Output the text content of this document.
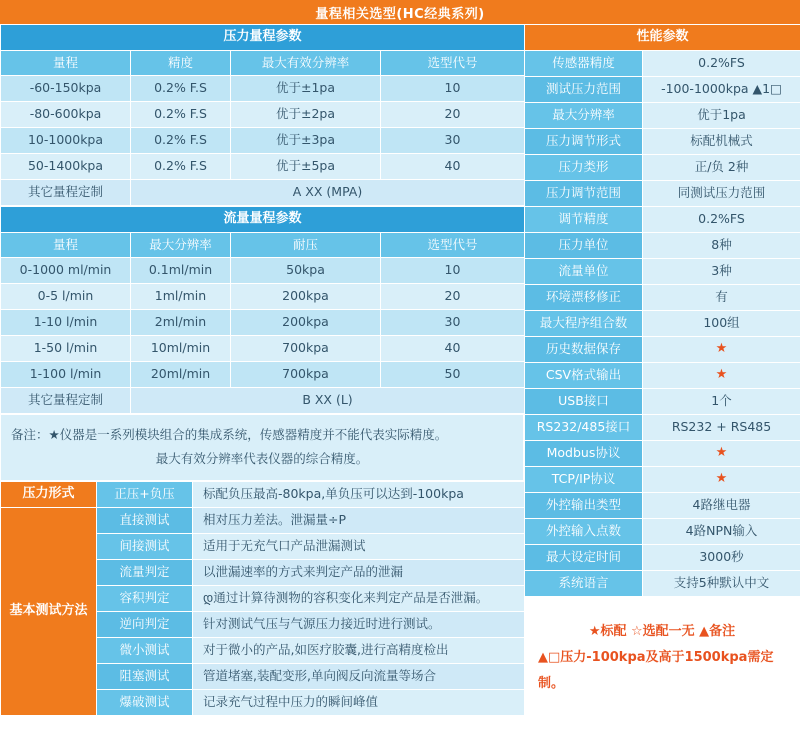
量程相关选型(HC经典系列)
压力量程参数			
量程	精度	最大有效分辨率	选型代号
-60-150kpa	0.2% F.S	优于±1pa	10
-80-600kpa	0.2% F.S	优于±2pa	20
10-1000kpa	0.2% F.S	优于±3pa	30
50-1400kpa	0.2% F.S	优于±5pa	40
其它量程定制	A XX (MPA)		
流量量程参数			
量程	最大分辨率	耐压	选型代号
0-1000 ml/min	0.1ml/min	50kpa	10
0-5 l/min	1ml/min	200kpa	20
1-10 l/min	2ml/min	200kpa	30
1-50 l/min	10ml/min	700kpa	40
1-100 l/min	20ml/min	700kpa	50
其它量程定制	B XX (L)		
备注：★仪器是一系列模块组合的集成系统，传感器精度并不能代表实际精度。
最大有效分辨率代表仪器的综合精度。
压力形式	正压+负压	标配负压最高-80kpa,单负压可以达到-100kpa
基本测试方法	直接测试	相对压力差法。泄漏量÷P
	间接测试	适用于无充气口产品泄漏测试
	流量判定	以泄漏速率的方式来判定产品的泄漏
	容积判定	დ通过计算待测物的容积变化来判定产品是否泄漏。
	逆向判定	针对测试气压与气源压力接近时进行测试。
	微小测试	对于微小的产品,如医疗胶囊,进行高精度检出
	阻塞测试	管道堵塞,装配变形,单向阀反向流量等场合
	爆破测试	记录充气过程中压力的瞬间峰值
性能参数	
传感器精度	0.2%FS
测试压力范围	-100-1000kpa ▲1□
最大分辨率	优于1pa
压力调节形式	标配机械式
压力类形	正/负 2种
压力调节范围	同测试压力范围
调节精度	0.2%FS
压力单位	8种
流量单位	3种
环境漂移修正	有
最大程序组合数	100组
历史数据保存	★
CSV格式输出	★
USB接口	1个
RS232/485接口	RS232 + RS485
Modbus协议	★
TCP/IP协议	★
外控输出类型	4路继电器
外控输入点数	4路NPN输入
最大设定时间	3000秒
系统语言	支持5种默认中文
★标配 ☆选配一无 ▲备注
▲□压力-100kpa及高于1500kpa需定
制。
